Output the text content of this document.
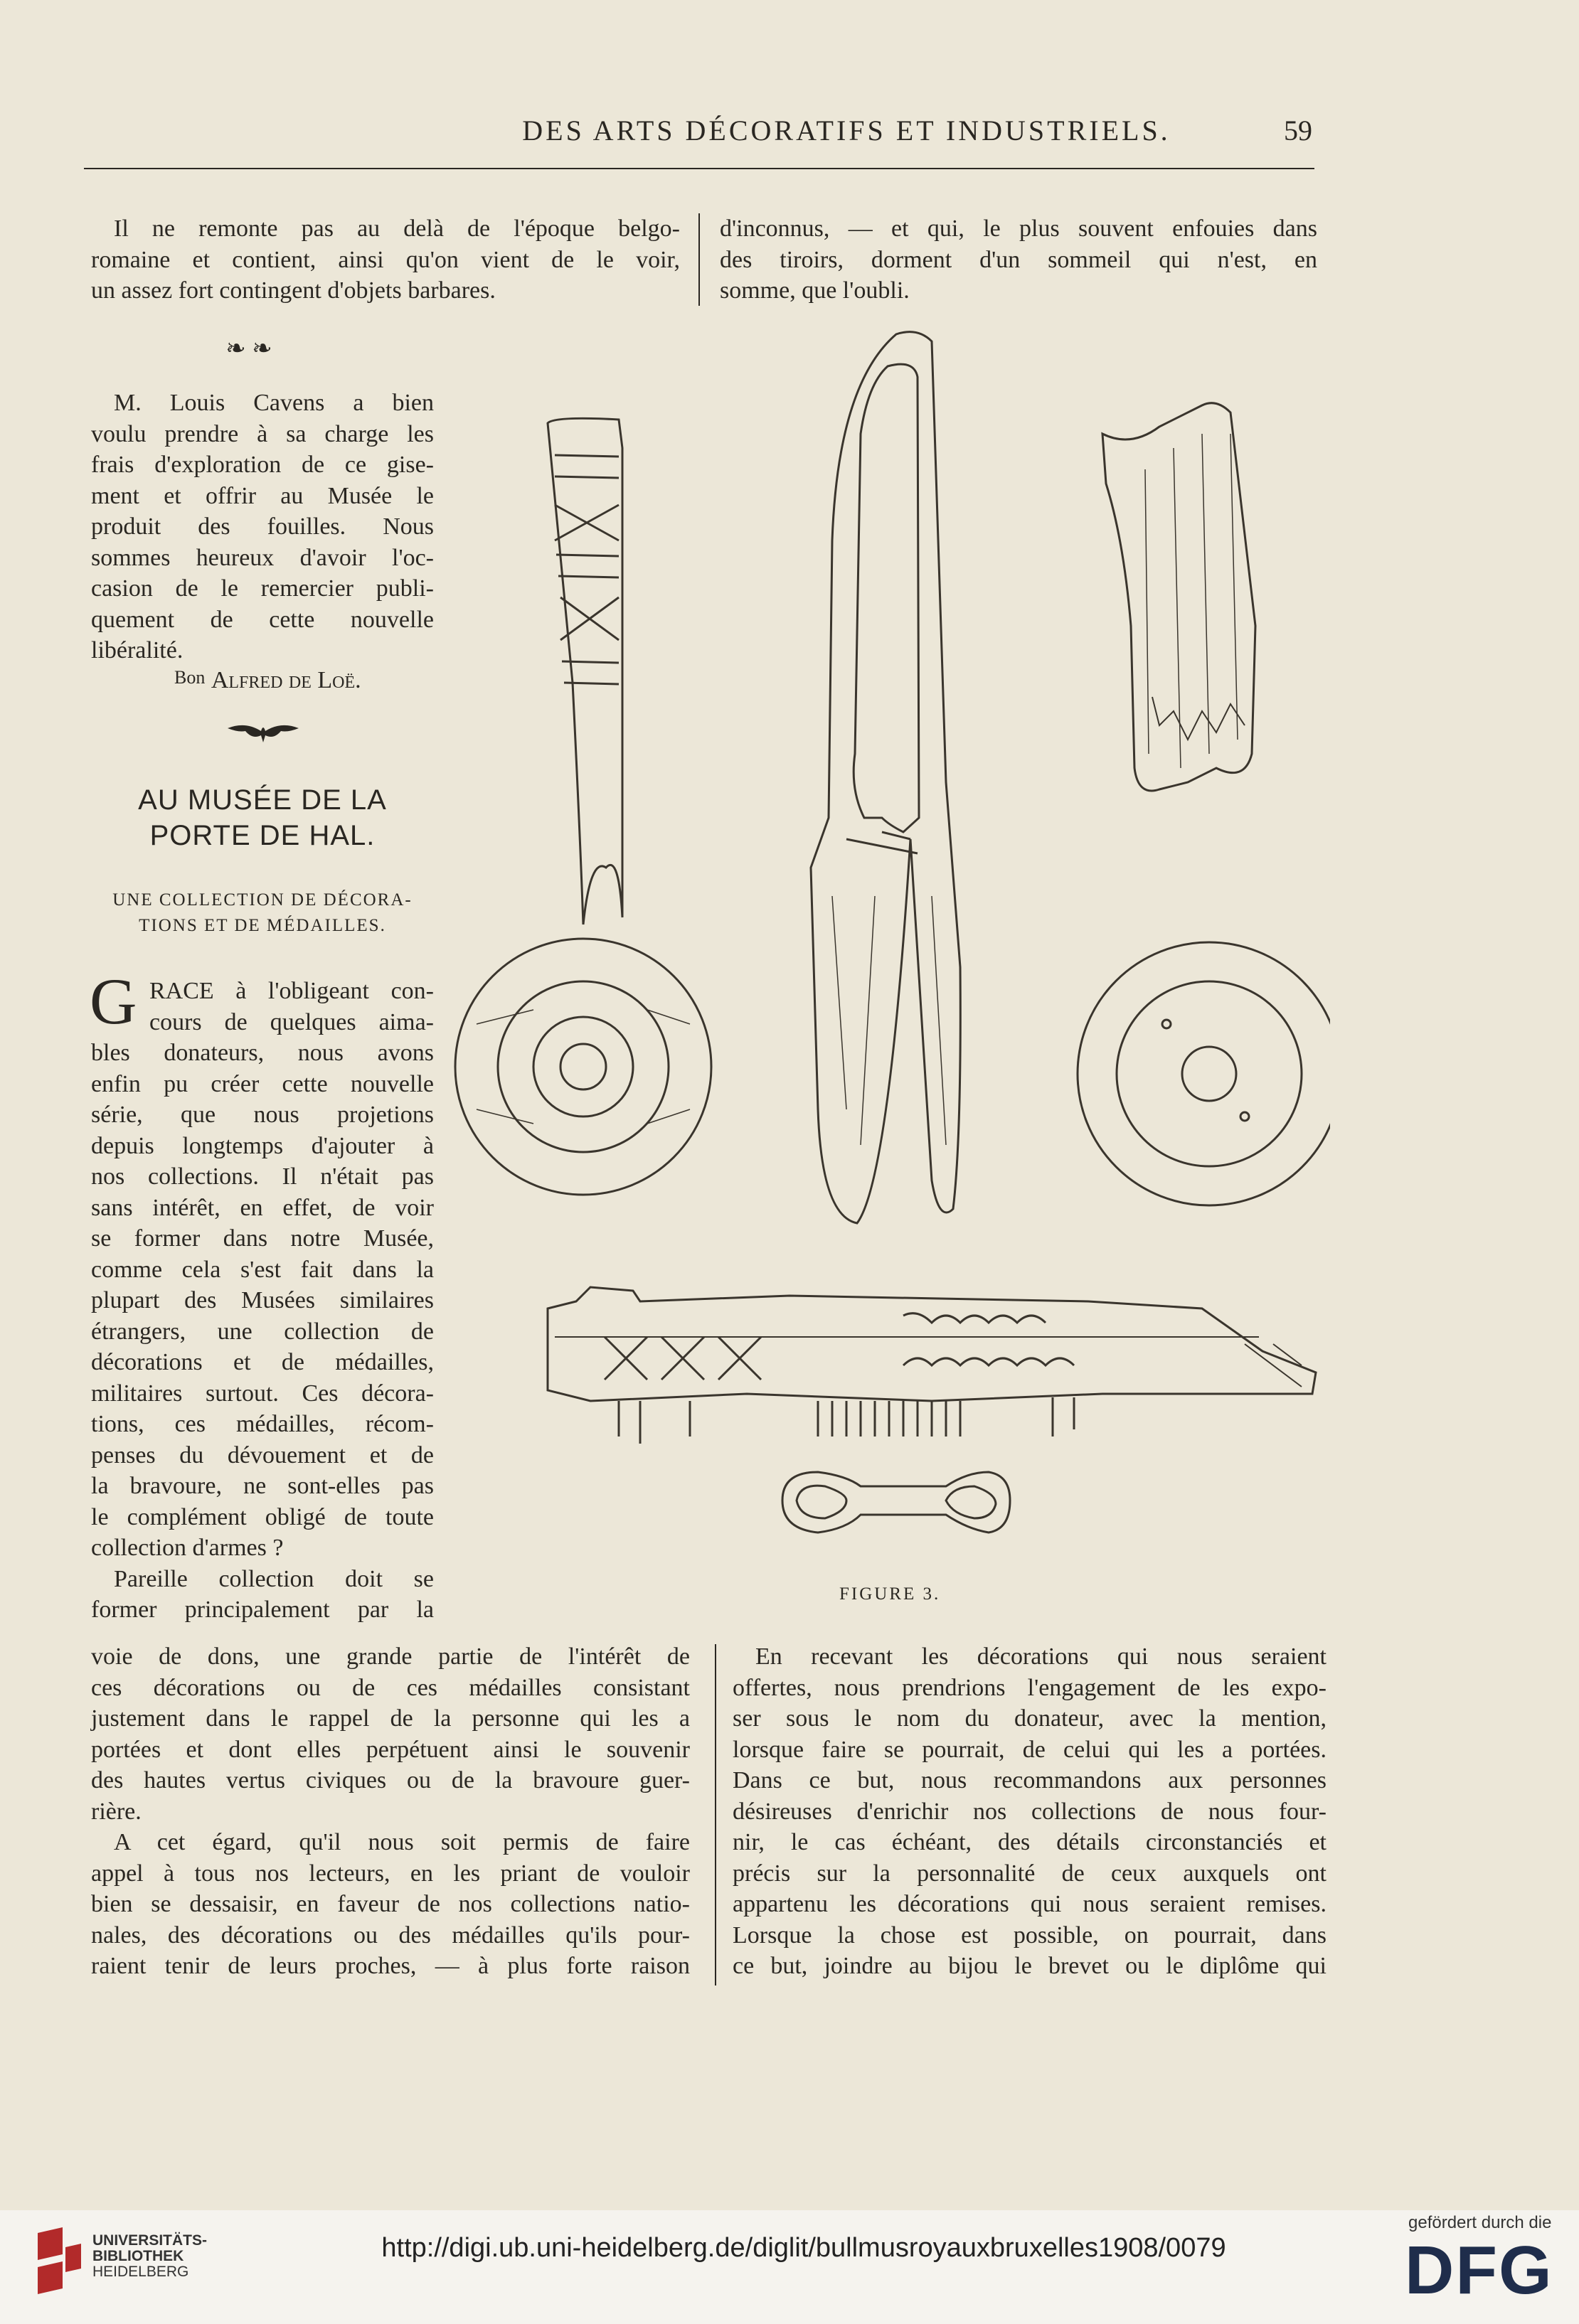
DES ARTS DÉCORATIFS ET INDUSTRIELS.	59
Il ne remonte pas au delà de l'époque belgo-
romaine et contient, ainsi qu'on vient de le voir,
un assez fort contingent d'objets barbares.
d'inconnus, — et qui, le plus souvent enfouies dans
des tiroirs, dorment d'un sommeil qui n'est, en
somme, que l'oubli.
❧ ❧
M. Louis Cavens a bien
voulu prendre à sa charge les
frais d'exploration de ce gise-
ment et offrir au Musée le
produit des fouilles. Nous
sommes heureux d'avoir l'oc-
casion de le remercier publi-
quement de cette nouvelle
libéralité.
Bon Alfred de Loë.
AU MUSÉE DE LA
PORTE DE HAL.
UNE COLLECTION DE DÉCORA-
TIONS ET DE MÉDAILLES.
G RACE à l'obligeant con-
cours de quelques aima-
bles donateurs, nous avons
enfin pu créer cette nouvelle
série, que nous projetions
depuis longtemps d'ajouter à
nos collections. Il n'était pas
sans intérêt, en effet, de voir
se former dans notre Musée,
comme cela s'est fait dans la
plupart des Musées similaires
étrangers, une collection de
décorations et de médailles,
militaires surtout. Ces décora-
tions, ces médailles, récom-
penses du dévouement et de
la bravoure, ne sont-elles pas
le complément obligé de toute
collection d'armes ?
Pareille collection doit se
former principalement par la
FIGURE 3.
voie de dons, une grande partie de l'intérêt de
ces décorations ou de ces médailles consistant
justement dans le rappel de la personne qui les a
portées et dont elles perpétuent ainsi le souvenir
des hautes vertus civiques ou de la bravoure guer-
rière.
A cet égard, qu'il nous soit permis de faire
appel à tous nos lecteurs, en les priant de vouloir
bien se dessaisir, en faveur de nos collections natio-
nales, des décorations ou des médailles qu'ils pour-
raient tenir de leurs proches, — à plus forte raison
En recevant les décorations qui nous seraient
offertes, nous prendrions l'engagement de les expo-
ser sous le nom du donateur, avec la mention,
lorsque faire se pourrait, de celui qui les a portées.
Dans ce but, nous recommandons aux personnes
désireuses d'enrichir nos collections de nous four-
nir, le cas échéant, des détails circonstanciés et
précis sur la personnalité de ceux auxquels ont
appartenu les décorations qui nous seraient remises.
Lorsque la chose est possible, on pourrait, dans
ce but, joindre au bijou le brevet ou le diplôme qui
UNIVERSITÄTS-
BIBLIOTHEK
HEIDELBERG
http://digi.ub.uni-heidelberg.de/diglit/bullmusroyauxbruxelles1908/0079
gefördert durch die
DFG
